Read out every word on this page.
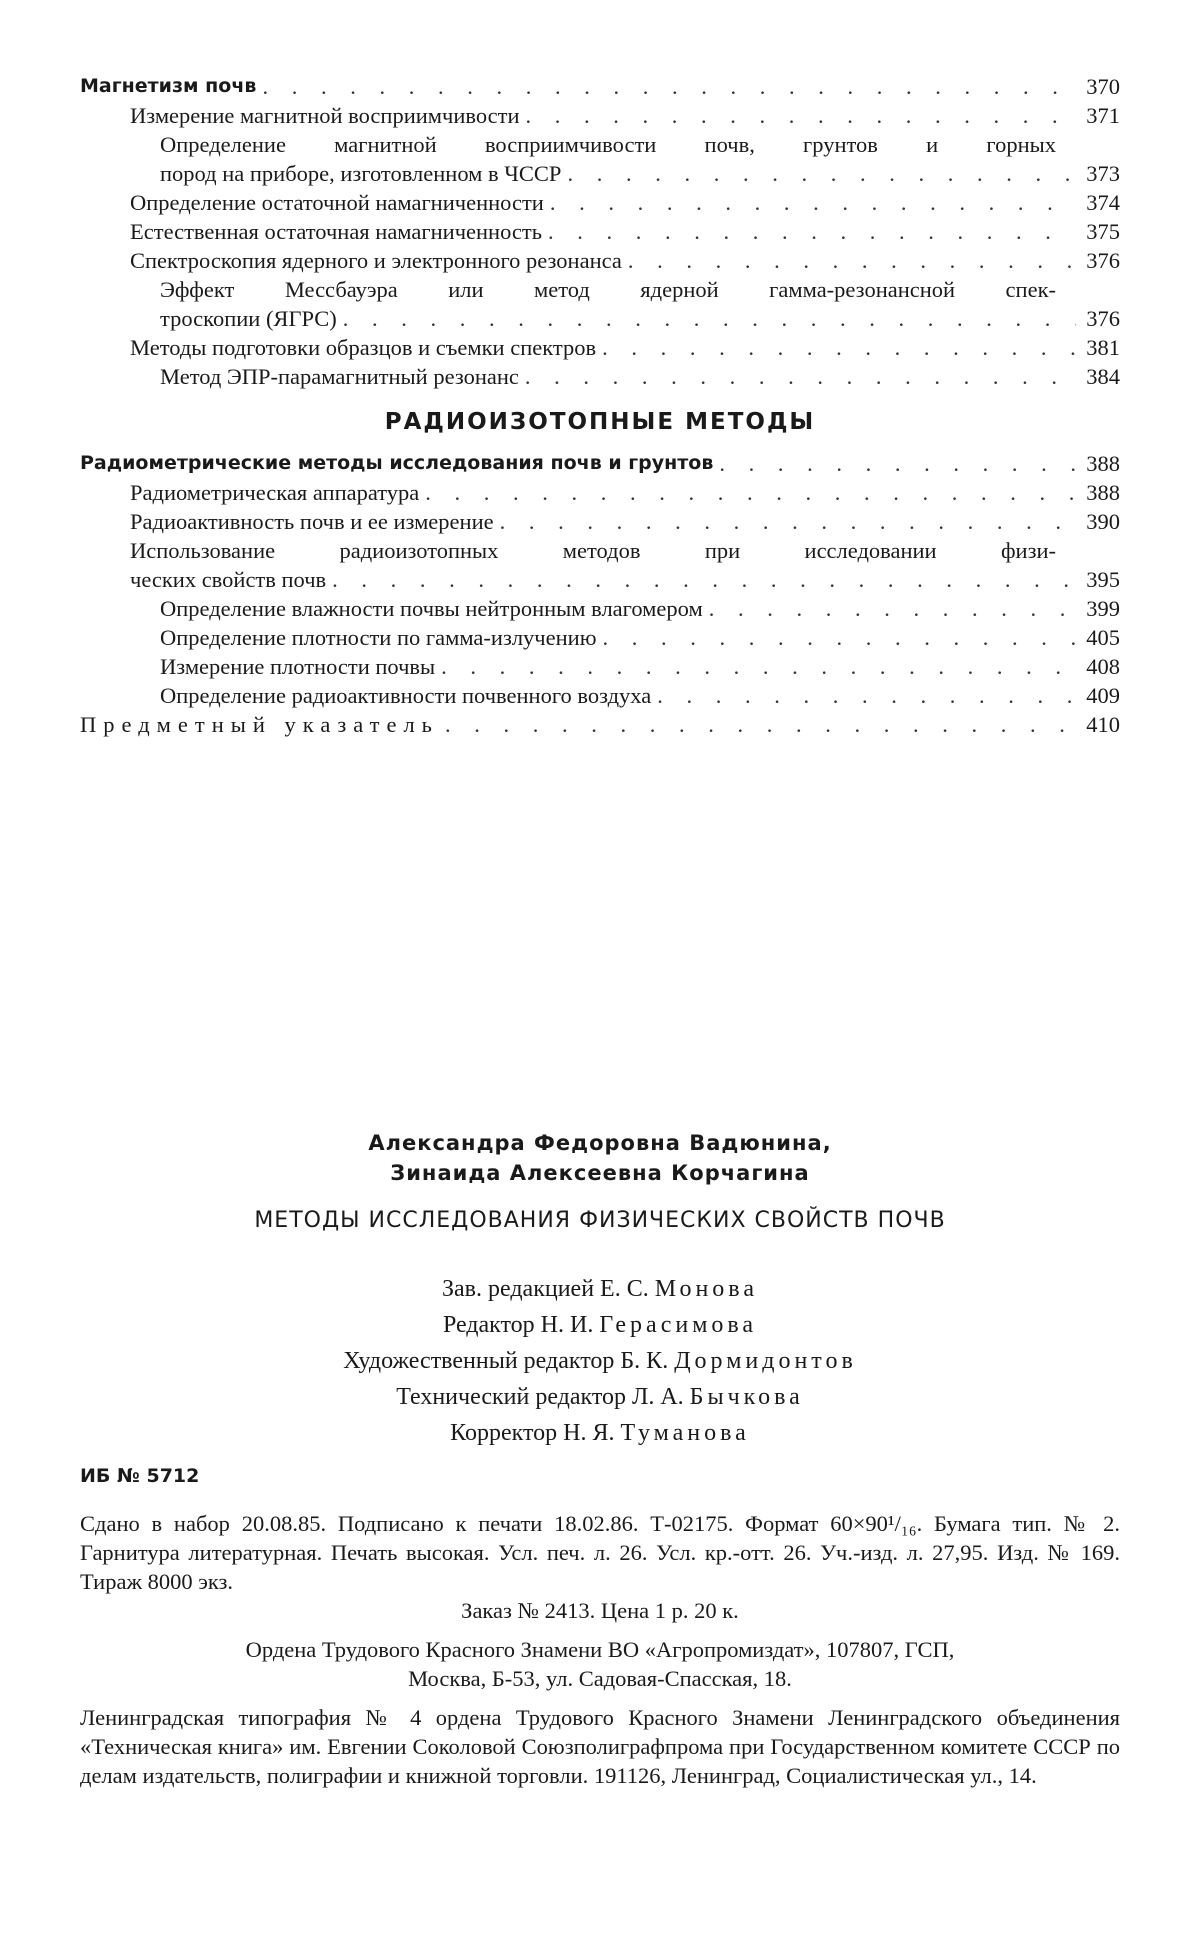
Магнетизм почв . . .	370
Измерение магнитной восприимчивости . . .	371
Определение магнитной восприимчивости почв, грунтов и горных
пород на приборе, изготовленном в ЧССР . . .	373
Определение остаточной намагниченности . . .	374
Естественная остаточная намагниченность . . .	375
Спектроскопия ядерного и электронного резонанса . . .	376
Эффект Мессбауэра или метод ядерной гамма-резонансной спек-
троскопии (ЯГРС) . . .	376
Методы подготовки образцов и съемки спектров . . .	381
Метод ЭПР-парамагнитный резонанс . . .	384
РАДИОИЗОТОПНЫЕ МЕТОДЫ
Радиометрические методы исследования почв и грунтов . . .	388
Радиометрическая аппаратура . . .	388
Радиоактивность почв и ее измерение . . .	390
Использование радиоизотопных методов при исследовании физи-
ческих свойств почв . . .	395
Определение влажности почвы нейтронным влагомером . . .	399
Определение плотности по гамма-излучению . . .	405
Измерение плотности почвы . . .	408
Определение радиоактивности почвенного воздуха . . .	409
Предметный указатель . . .	410
Александра Федоровна Вадюнина,
Зинаида Алексеевна Корчагина
МЕТОДЫ ИССЛЕДОВАНИЯ ФИЗИЧЕСКИХ СВОЙСТВ ПОЧВ
Зав. редакцией Е. С. Монова
Редактор Н. И. Герасимова
Художественный редактор Б. К. Дормидонтов
Технический редактор Л. А. Бычкова
Корректор Н. Я. Туманова
ИБ № 5712
Сдано в набор 20.08.85. Подписано к печати 18.02.86. Т-02175. Формат 60×90¹/₁₆. Бумага тип. № 2. Гарнитура литературная. Печать высокая. Усл. печ. л. 26. Усл. кр.-отт. 26. Уч.-изд. л. 27,95. Изд. № 169. Тираж 8000 экз.
Заказ № 2413. Цена 1 р. 20 к.
Ордена Трудового Красного Знамени ВО «Агропромиздат», 107807, ГСП,
Москва, Б-53, ул. Садовая-Спасская, 18.
Ленинградская типография № 4 ордена Трудового Красного Знамени Ленинградского объединения «Техническая книга» им. Евгении Соколовой Союзполиграфпрома при Государственном комитете СССР по делам издательств, полиграфии и книжной торговли. 191126, Ленинград, Социалистическая ул., 14.
